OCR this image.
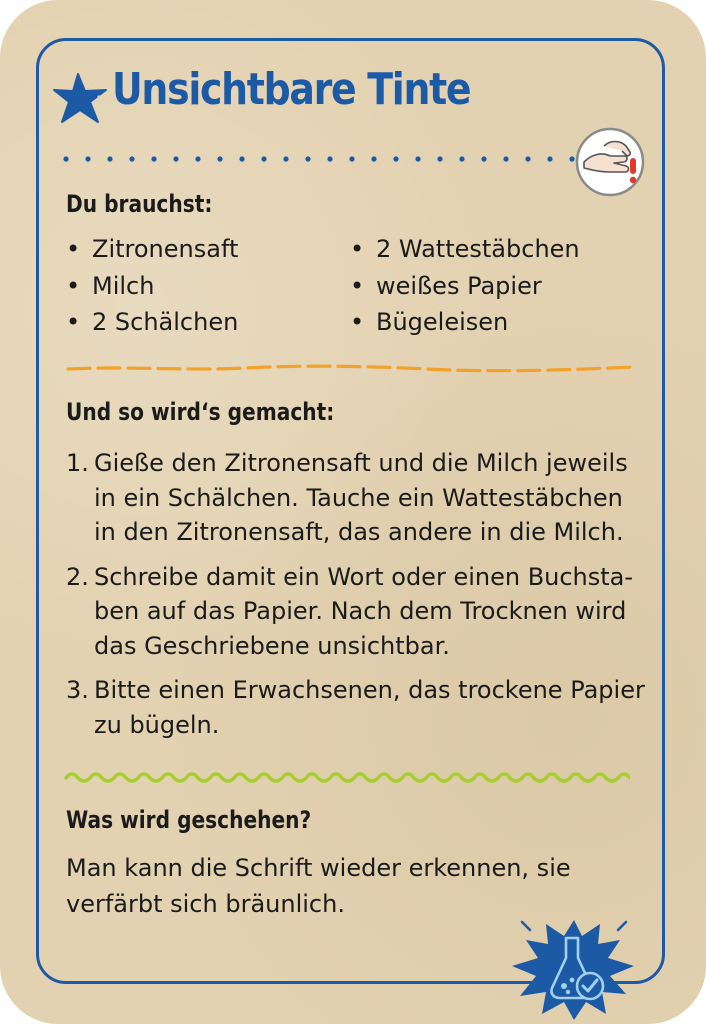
Unsichtbare Tinte
Du brauchst:
• Zitronensaft
• Milch
• 2 Schälchen
• 2 Wattestäbchen
• weißes Papier
• Bügeleisen
Und so wird‘s gemacht:
1. Gieße den Zitronensaft und die Milch jeweils in ein Schälchen. Tauche ein Wattestäbchen in den Zitronensaft, das andere in die Milch.
2. Schreibe damit ein Wort oder einen Buchstaben auf das Papier. Nach dem Trocknen wird das Geschriebene unsichtbar.
3. Bitte einen Erwachsenen, das trockene Papier zu bügeln.
Was wird geschehen?
Man kann die Schrift wieder erkennen, sie verfärbt sich bräunlich.
